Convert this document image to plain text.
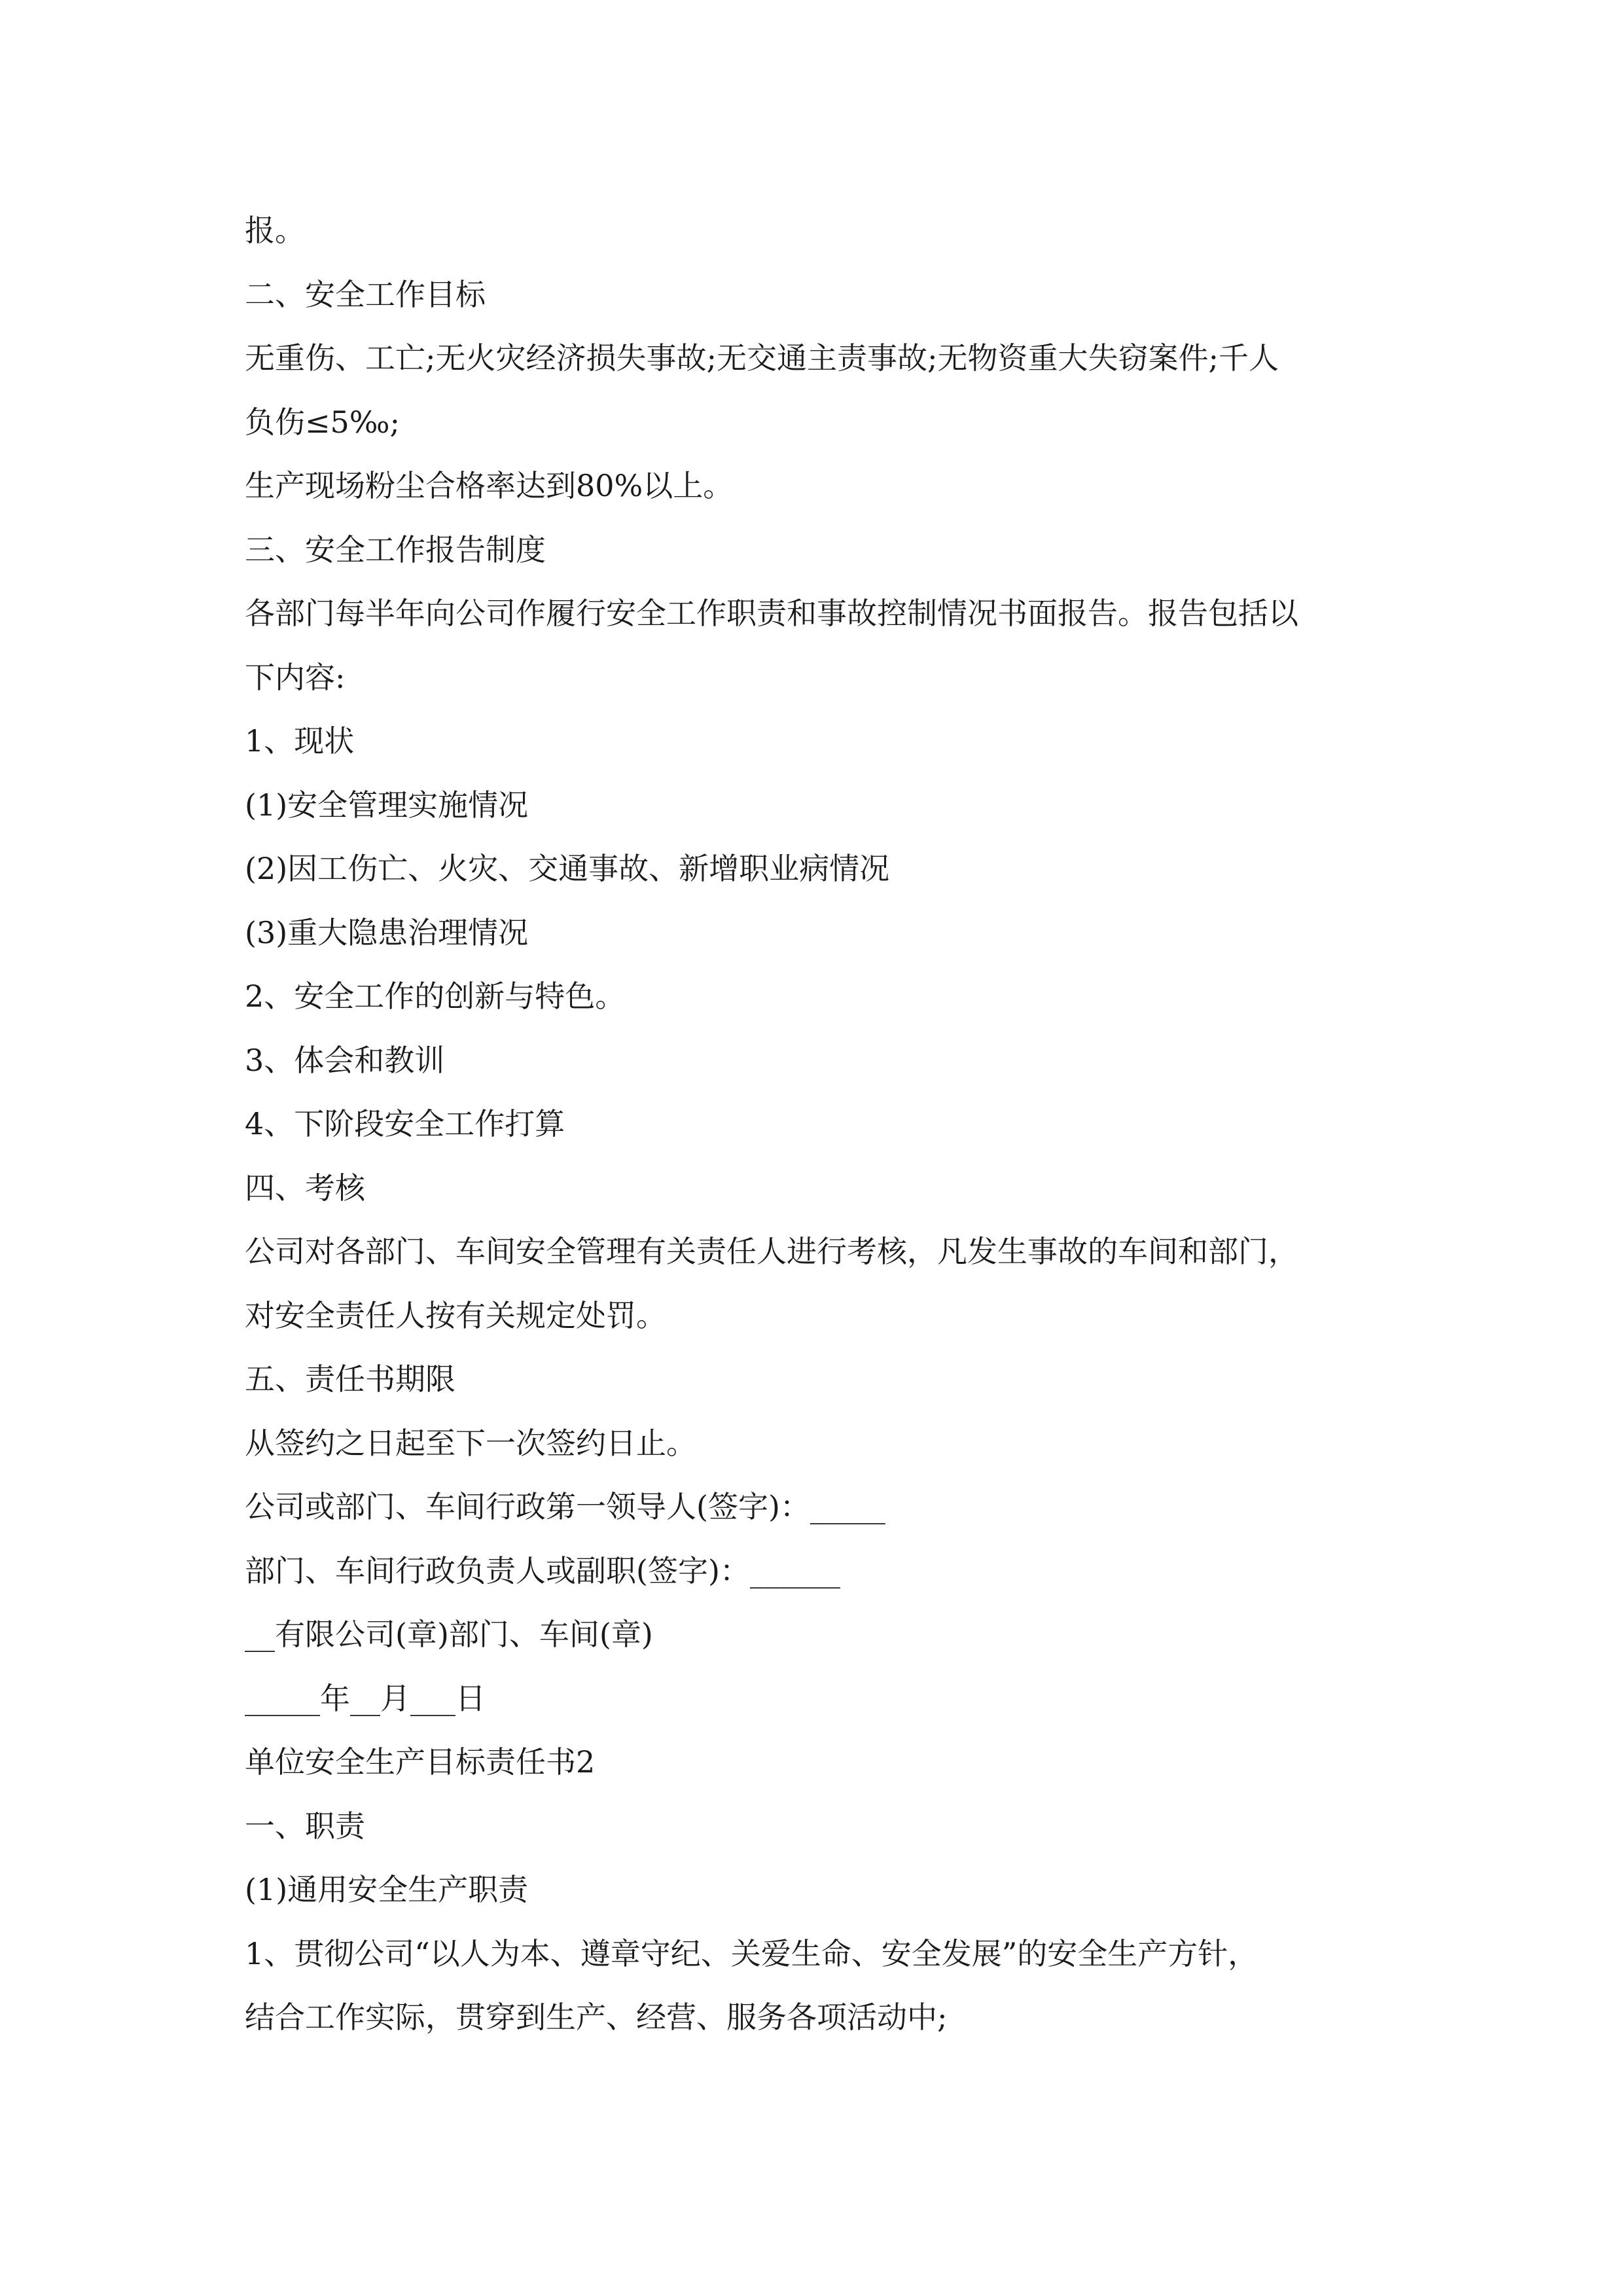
报。
二、安全工作目标
无重伤、工亡;无火灾经济损失事故;无交通主责事故;无物资重大失窃案件;千人
负伤≤5‰;
生产现场粉尘合格率达到80%以上。
三、安全工作报告制度
各部门每半年向公司作履行安全工作职责和事故控制情况书面报告。报告包括以
下内容:
1、现状
(1)安全管理实施情况
(2)因工伤亡、火灾、交通事故、新增职业病情况
(3)重大隐患治理情况
2、安全工作的创新与特色。
3、体会和教训
4、下阶段安全工作打算
四、考核
公司对各部门、车间安全管理有关责任人进行考核，凡发生事故的车间和部门，
对安全责任人按有关规定处罚。
五、责任书期限
从签约之日起至下一次签约日止。
公司或部门、车间行政第一领导人(签字)：_____
部门、车间行政负责人或副职(签字)：______
__有限公司(章)部门、车间(章)
_____年__月___日
单位安全生产目标责任书2
一、职责
(1)通用安全生产职责
1、贯彻公司“以人为本、遵章守纪、关爱生命、安全发展”的安全生产方针，
结合工作实际，贯穿到生产、经营、服务各项活动中;
